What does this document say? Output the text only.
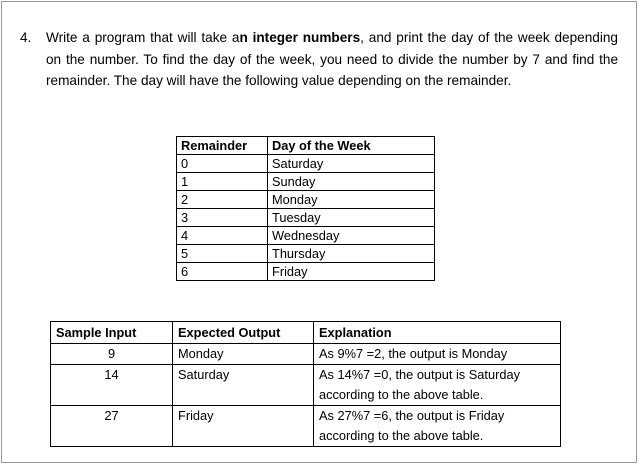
4. Write a program that will take an integer numbers, and print the day of the week depending on the number. To find the day of the week, you need to divide the number by 7 and find the remainder. The day will have the following value depending on the remainder.
Remainder	Day of the Week
0	Saturday
1	Sunday
2	Monday
3	Tuesday
4	Wednesday
5	Thursday
6	Friday
Sample Input	Expected Output	Explanation
9	Monday	As 9%7 =2, the output is Monday
14	Saturday	As 14%7 =0, the output is Saturday according to the above table.
27	Friday	As 27%7 =6, the output is Friday according to the above table.
